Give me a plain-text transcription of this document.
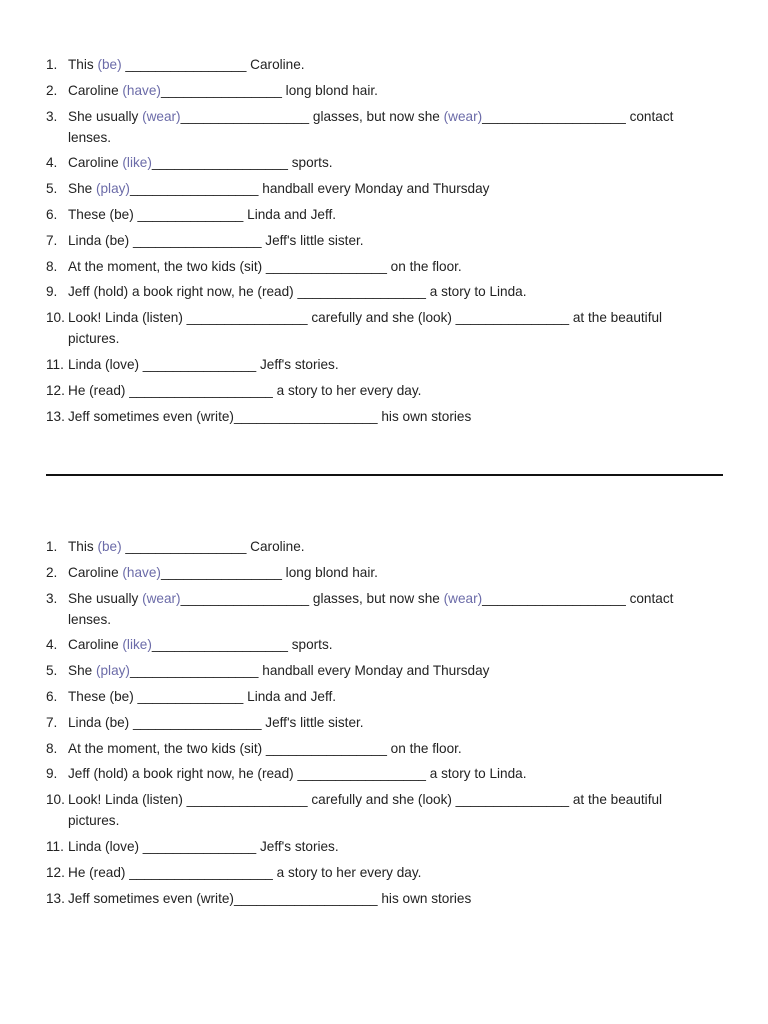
1. This (be) ________________ Caroline.
2. Caroline (have)________________ long blond hair.
3. She usually (wear)_________________ glasses, but now she (wear)___________________ contact lenses.
4. Caroline (like)__________________ sports.
5. She (play)_________________ handball every Monday and Thursday
6. These (be) ______________ Linda and Jeff.
7. Linda (be) _________________ Jeff's little sister.
8. At the moment, the two kids (sit) ________________ on the floor.
9. Jeff (hold) a book right now, he (read) _________________ a story to Linda.
10. Look! Linda (listen) ________________ carefully and she (look) _______________ at the beautiful pictures.
11. Linda (love) _______________ Jeff's stories.
12. He (read) ___________________ a story to her every day.
13. Jeff sometimes even (write)___________________ his own stories
1. This (be) ________________ Caroline.
2. Caroline (have)________________ long blond hair.
3. She usually (wear)_________________ glasses, but now she (wear)___________________ contact lenses.
4. Caroline (like)__________________ sports.
5. She (play)_________________ handball every Monday and Thursday
6. These (be) ______________ Linda and Jeff.
7. Linda (be) _________________ Jeff's little sister.
8. At the moment, the two kids (sit) ________________ on the floor.
9. Jeff (hold) a book right now, he (read) _________________ a story to Linda.
10. Look! Linda (listen) ________________ carefully and she (look) _______________ at the beautiful pictures.
11. Linda (love) _______________ Jeff's stories.
12. He (read) ___________________ a story to her every day.
13. Jeff sometimes even (write)___________________ his own stories
